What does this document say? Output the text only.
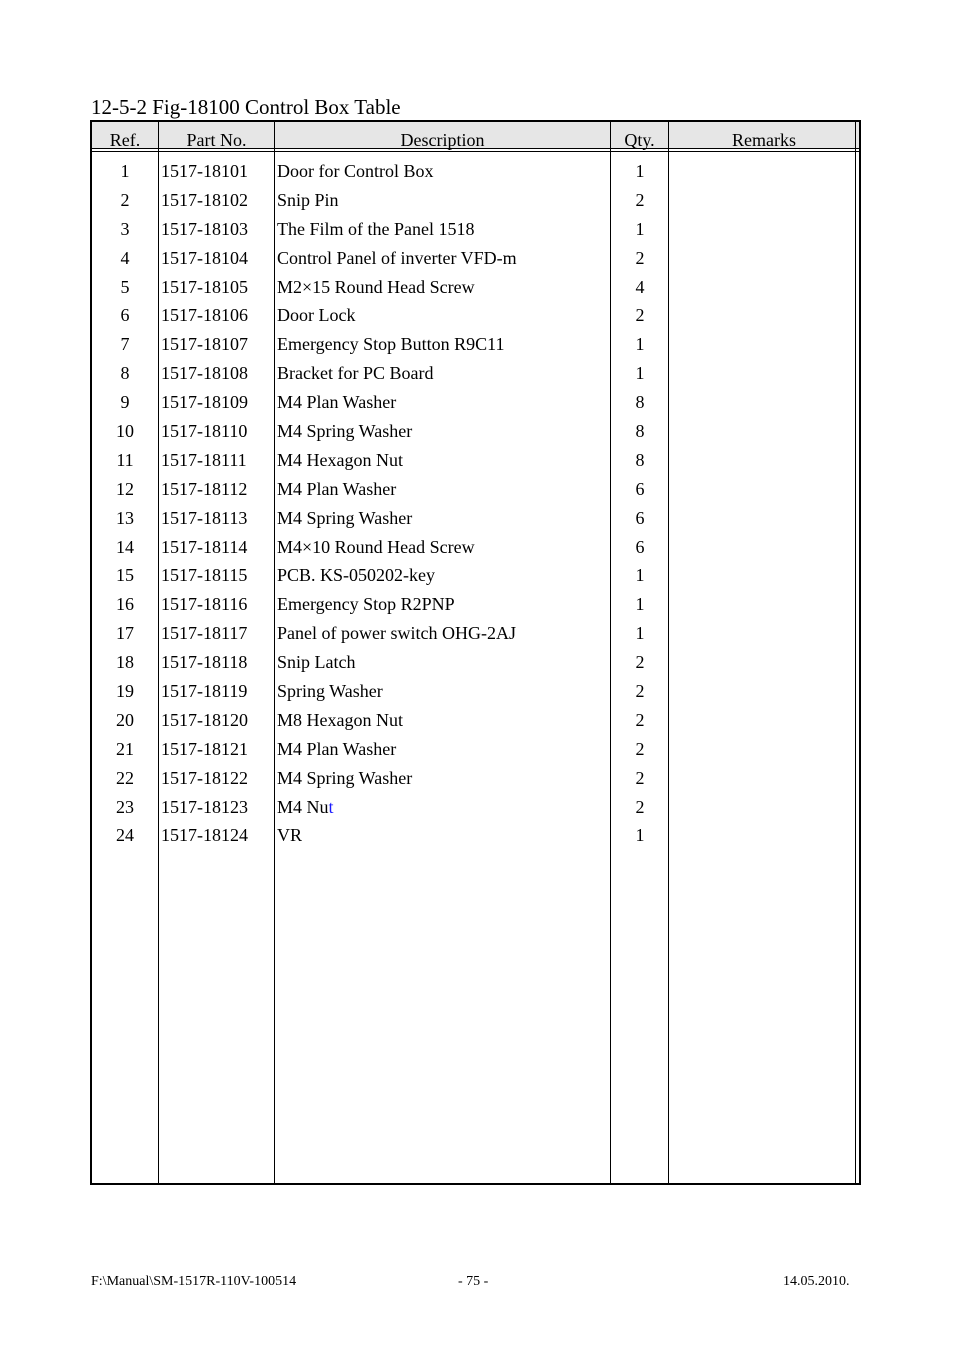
12-5-2 Fig-18100 Control Box Table
Ref.	Part No.	Description	Qty.	Remarks
1	1517-18101	Door for Control Box	1
2	1517-18102	Snip Pin	2
3	1517-18103	The Film of the Panel 1518	1
4	1517-18104	Control Panel of inverter VFD-m	2
5	1517-18105	M2×15 Round Head Screw	4
6	1517-18106	Door Lock	2
7	1517-18107	Emergency Stop Button R9C11	1
8	1517-18108	Bracket for PC Board	1
9	1517-18109	M4 Plan Washer	8
10	1517-18110	M4 Spring Washer	8
11	1517-18111	M4 Hexagon Nut	8
12	1517-18112	M4 Plan Washer	6
13	1517-18113	M4 Spring Washer	6
14	1517-18114	M4×10 Round Head Screw	6
15	1517-18115	PCB. KS-050202-key	1
16	1517-18116	Emergency Stop R2PNP	1
17	1517-18117	Panel of power switch OHG-2AJ	1
18	1517-18118	Snip Latch	2
19	1517-18119	Spring Washer	2
20	1517-18120	M8 Hexagon Nut	2
21	1517-18121	M4 Plan Washer	2
22	1517-18122	M4 Spring Washer	2
23	1517-18123	M4 Nut	2
24	1517-18124	VR	1
F:\Manual\SM-1517R-110V-100514	- 75 -	14.05.2010.
